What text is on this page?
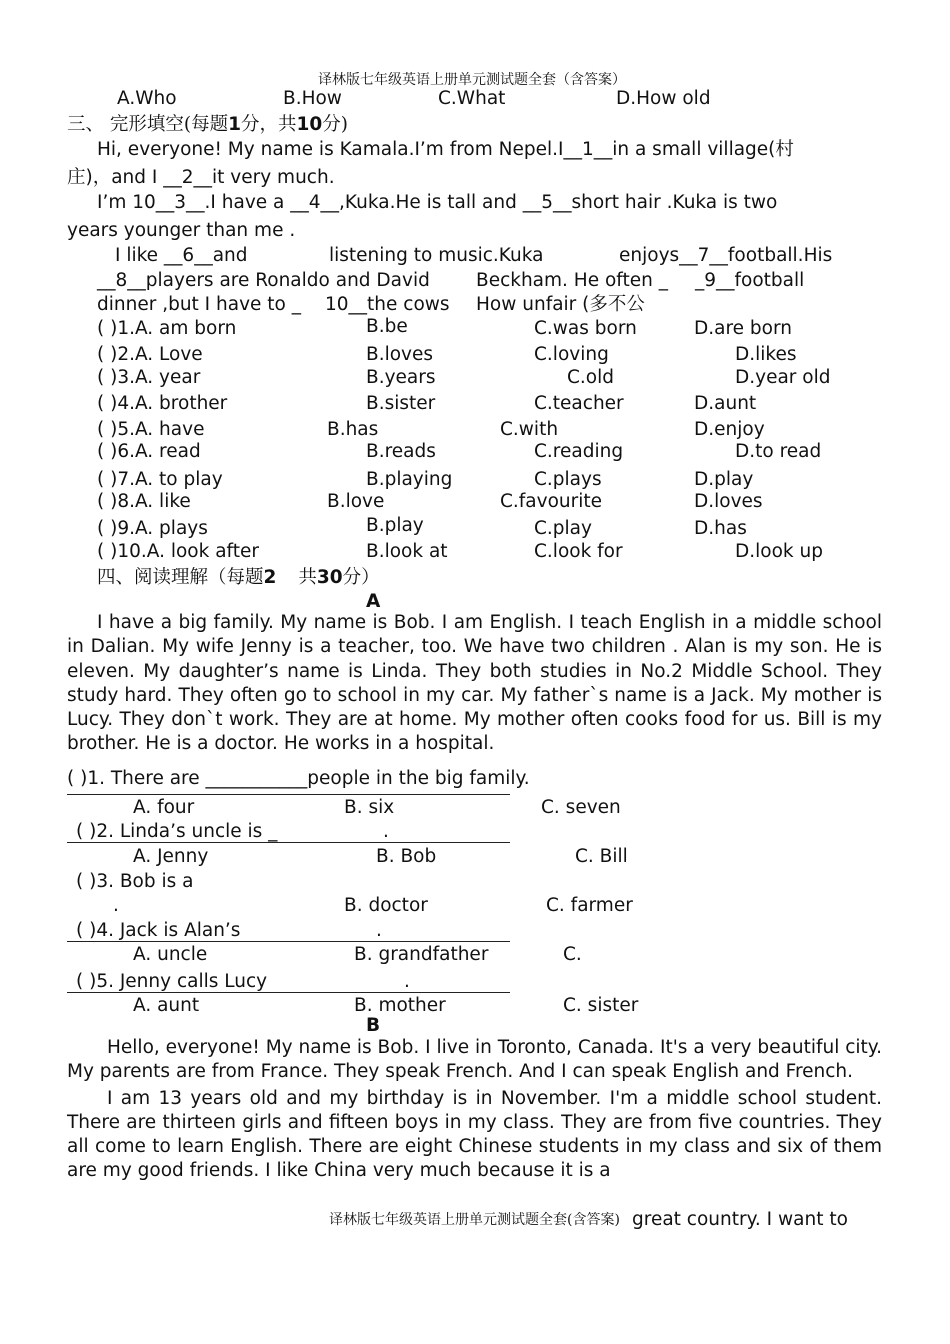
译林版七年级英语上册单元测试题全套（含答案）
A.Who	B.How	C.What	D.How old
三、 完形填空(每题1分，共10分)
Hi, everyone! My name is Kamala.I’m from Nepel.I__1__in a small village(村
庄)，and I __2__it very much.
I’m 10__3__.I have a __4__,Kuka.He is tall and __5__short hair .Kuka is two
years younger than me .
I like __6__and	listening to music.Kuka	enjoys__7__football.His
__8__players are Ronaldo and David Beckham. He often _ _9__football
dinner ,but I have to _ 10__the cows How unfair (多不公
( )1.A. am born	B.be	C.was born	D.are born
( )2.A. Love	B.loves	C.loving	D.likes
( )3.A. year	B.years	C.old	D.year old
( )4.A. brother	B.sister	C.teacher	D.aunt
( )5.A. have	B.has	C.with	D.enjoy
( )6.A. read	B.reads	C.reading	D.to read
( )7.A. to play	B.playing	C.plays	D.play
( )8.A. like	B.love	C.favourite	D.loves
( )9.A. plays	B.play	C.play	D.has
( )10.A. look after	B.look at	C.look for	D.look up
四、阅读理解（每题2 共30分）
A

I have a big family. My name is Bob. I am English. I teach English in a middle school in Dalian. My wife Jenny is a teacher, too. We have two children . Alan is my son. He is eleven. My daughter’s name is Linda. They both studies in No.2 Middle School. They study hard. They often go to school in my car. My father`s name is a Jack. My mother is Lucy. They don`t work. They are at home. My mother often cooks food for us. Bill is my brother. He is a doctor. He works in a hospital.

( )1. There are ___________people in the big family.
A. four	B. six	C. seven
( )2. Linda’s uncle is _	.
A. Jenny	B. Bob	C. Bill
( )3. Bob is a
.	B. doctor	C. farmer
( )4. Jack is Alan’s	.
A. uncle	B. grandfather	C.
( )5. Jenny calls Lucy	.
A. aunt	B. mother	C. sister
B

Hello, everyone! My name is Bob. I live in Toronto, Canada. It's a very beautiful city. My parents are from France. They speak French. And I can speak English and French.

I am 13 years old and my birthday is in November. I'm a middle school student. There are thirteen girls and fifteen boys in my class. They are from five countries. They all come to learn English. There are eight Chinese students in my class and six of them are my good friends. I like China very much because it is a

译林版七年级英语上册单元测试题全套(含答案) great country. I want to
